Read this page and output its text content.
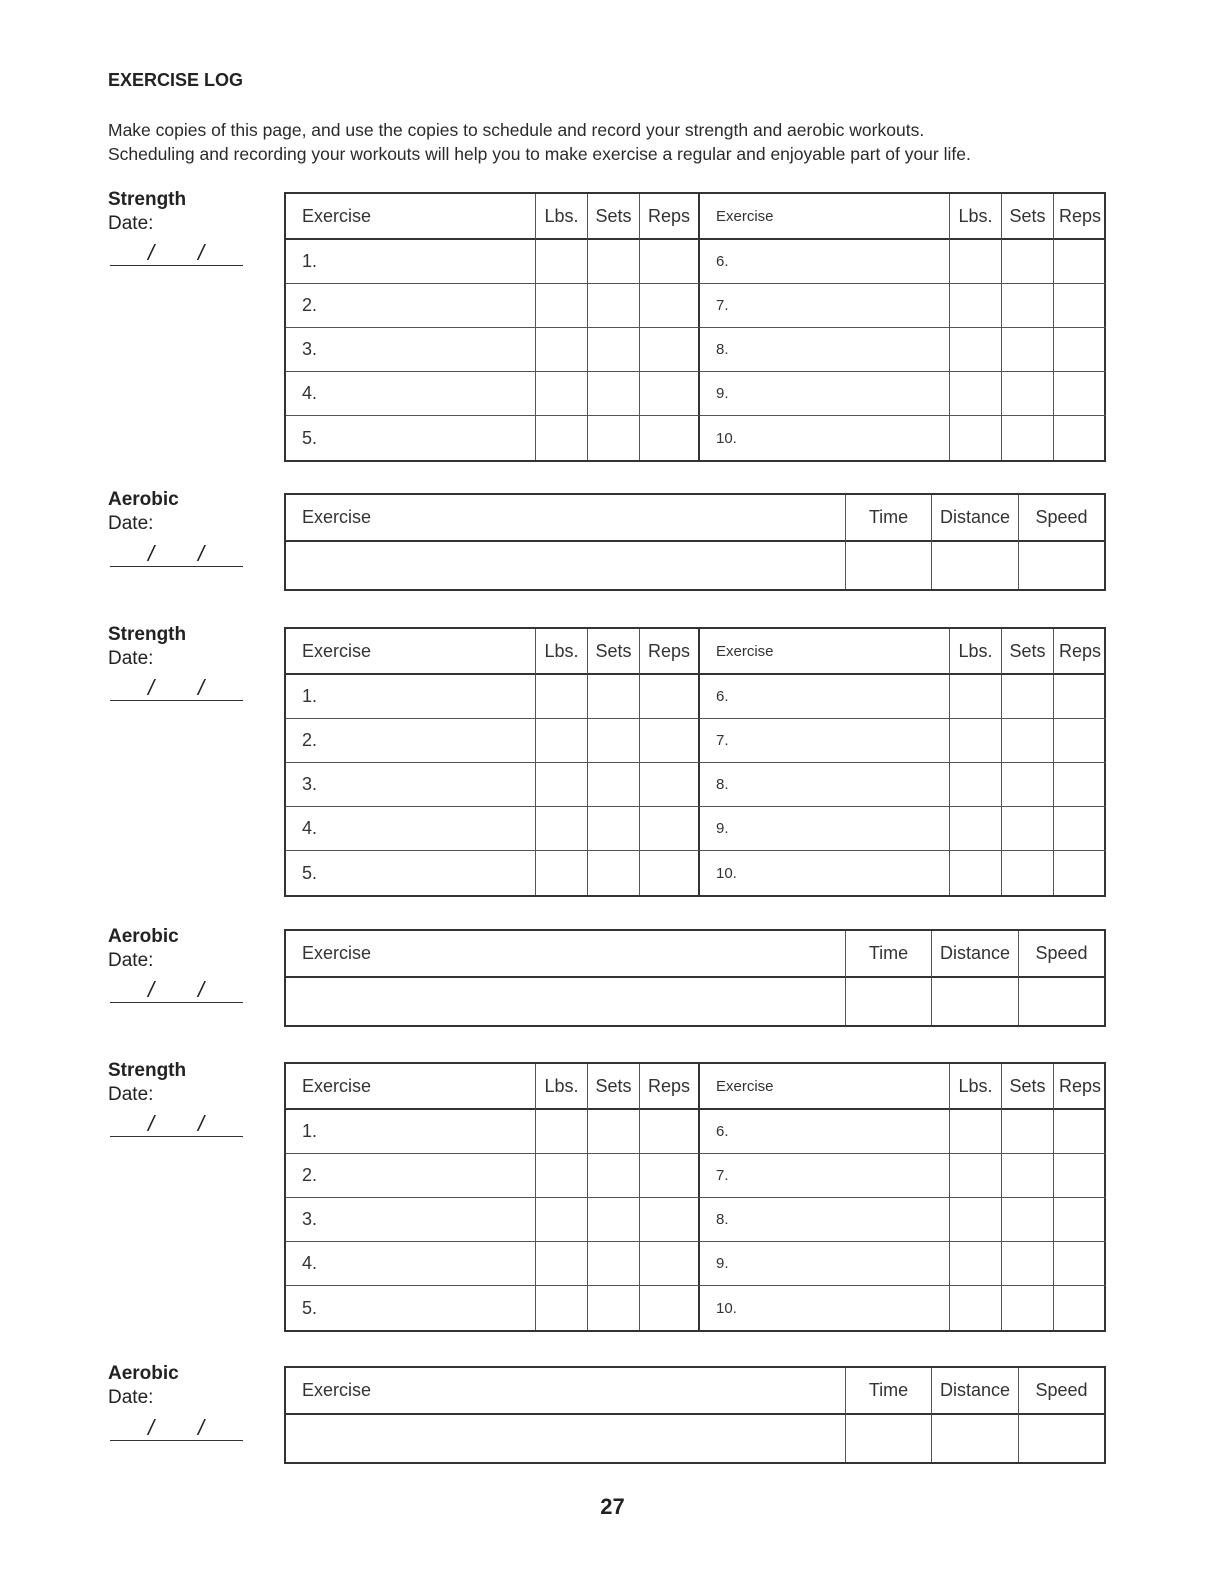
EXERCISE LOG
Make copies of this page, and use the copies to schedule and record your strength and aerobic workouts.
Scheduling and recording your workouts will help you to make exercise a regular and enjoyable part of your life.
Strength
Date:
/ /
Exercise	Lbs. Sets Reps	Exercise	Lbs. Sets Reps
1.	6.
2.	7.
3.	8.
4.	9.
5.	10.
Aerobic
Date:
/ /
Exercise	Time	Distance	Speed
Strength
Date:
/ /
Exercise	Lbs. Sets Reps	Exercise	Lbs. Sets Reps
1.	6.
2.	7.
3.	8.
4.	9.
5.	10.
Aerobic
Date:
/ /
Exercise	Time	Distance	Speed
Strength
Date:
/ /
Exercise	Lbs. Sets Reps	Exercise	Lbs. Sets Reps
1.	6.
2.	7.
3.	8.
4.	9.
5.	10.
Aerobic
Date:
/ /
Exercise	Time	Distance	Speed
27
